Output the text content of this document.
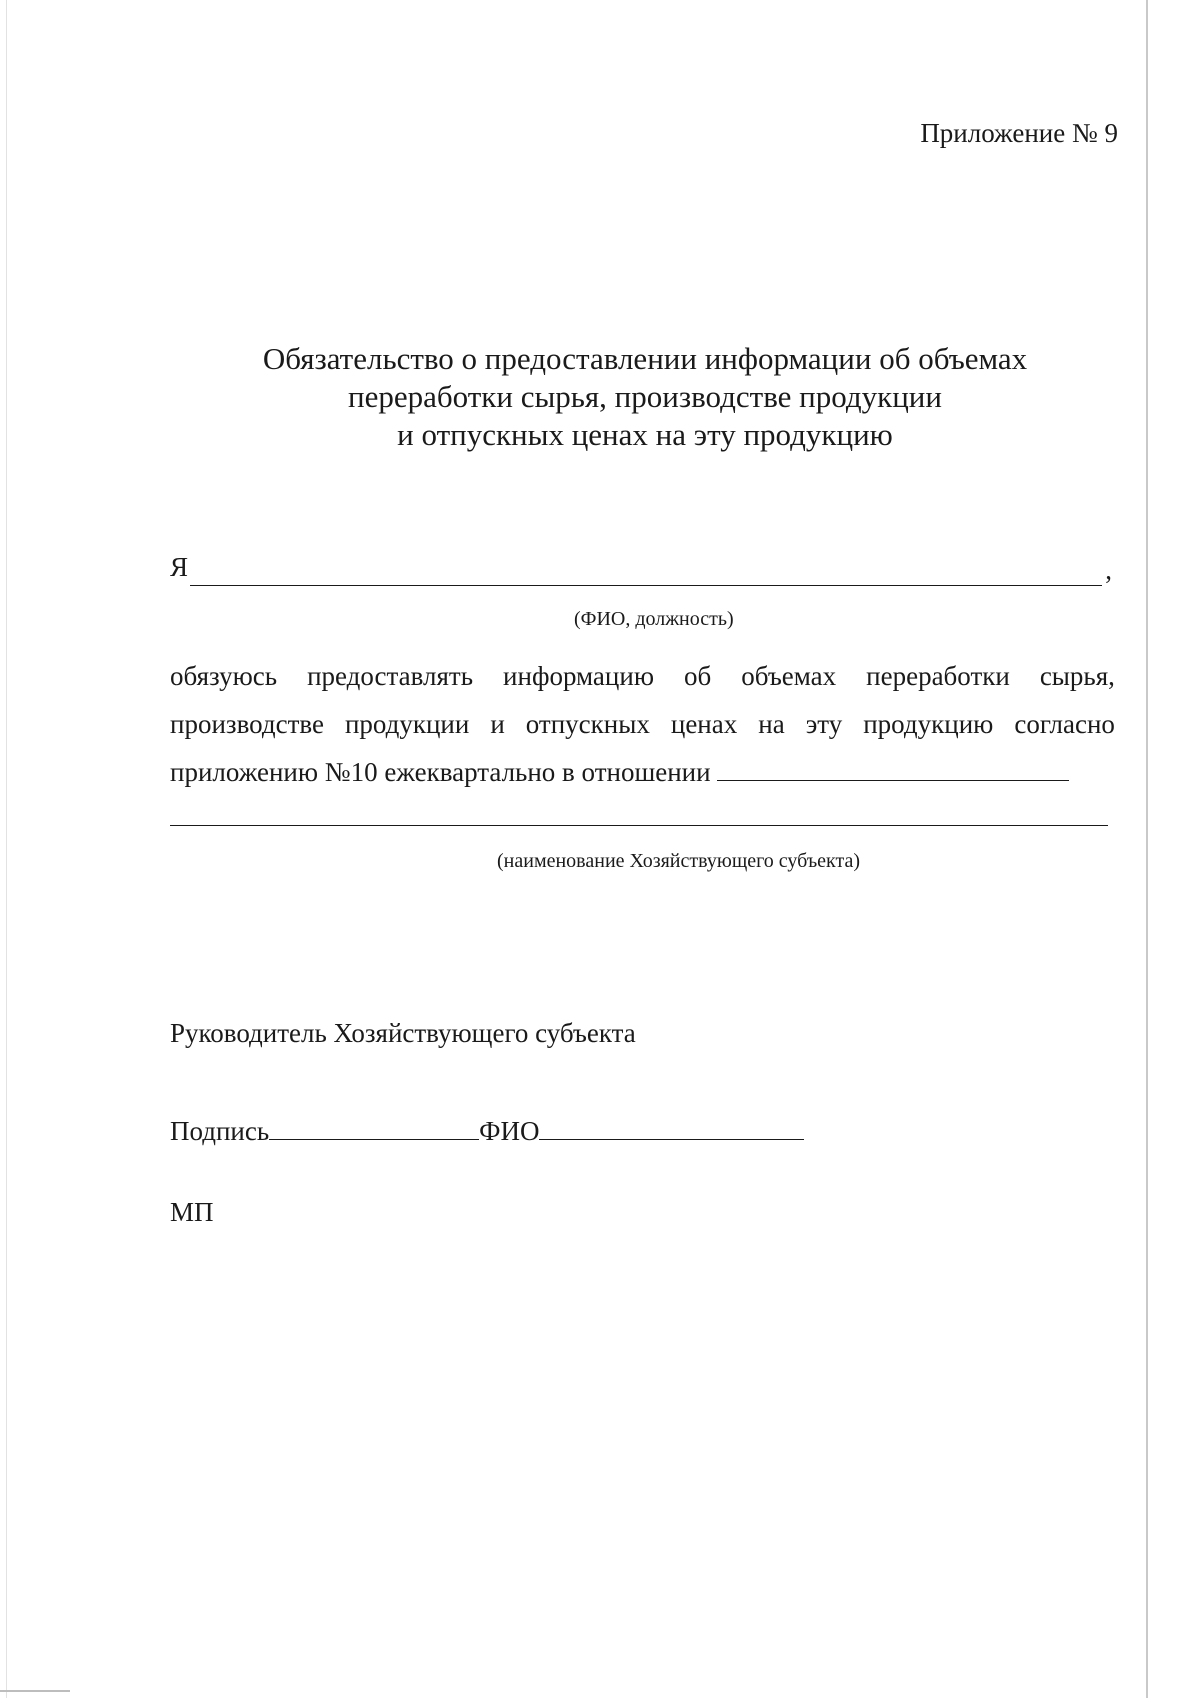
Приложение № 9
Обязательство о предоставлении информации об объемах
переработки сырья, производстве продукции
и отпускных ценах на эту продукцию
Я	,
(ФИО, должность)
обязуюсь предоставлять информацию об объемах переработки сырья,
производстве продукции и отпускных ценах на эту продукцию согласно
приложению №10 ежеквартально в отношении
(наименование Хозяйствующего субъекта)
Руководитель Хозяйствующего субъекта
Подпись	ФИО
МП
